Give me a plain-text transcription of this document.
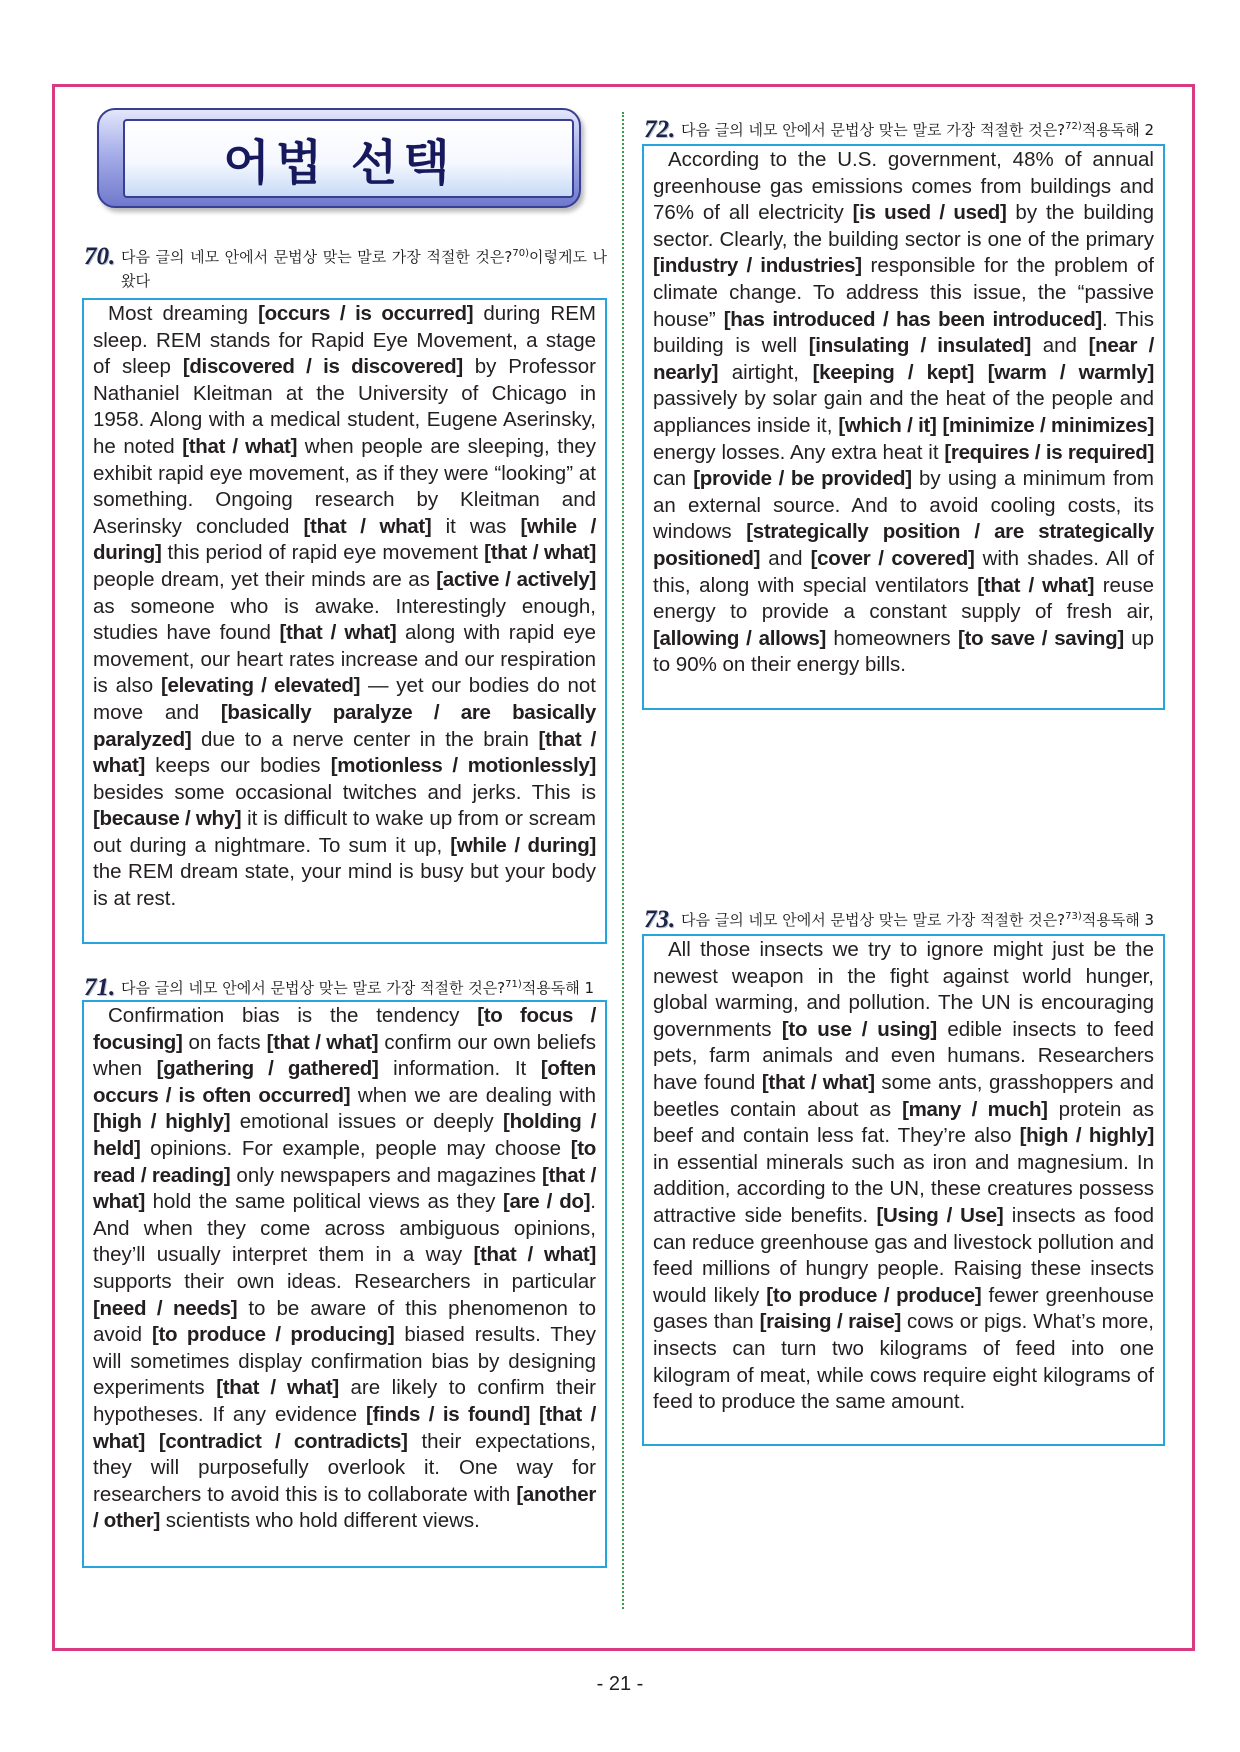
어법 선택
70. 다음 글의 네모 안에서 문법상 맞는 말로 가장 적절한 것은?$^{70)}$이렇게도 나왔다
Most dreaming [occurs / is occurred] during REM sleep. REM stands for Rapid Eye Movement, a stage of sleep [discovered / is discovered] by Professor Nathaniel Kleitman at the University of Chicago in 1958. Along with a medical student, Eugene Aserinsky, he noted [that / what] when people are sleeping, they exhibit rapid eye movement, as if they were “looking” at something. Ongoing research by Kleitman and Aserinsky concluded [that / what] it was [while / during] this period of rapid eye movement [that / what] people dream, yet their minds are as [active / actively] as someone who is awake. Interestingly enough, studies have found [that / what] along with rapid eye movement, our heart rates increase and our respiration is also [elevating / elevated] — yet our bodies do not move and [basically paralyze / are basically paralyzed] due to a nerve center in the brain [that / what] keeps our bodies [motionless / motionlessly] besides some occasional twitches and jerks. This is [because / why] it is difficult to wake up from or scream out during a nightmare. To sum it up, [while / during] the REM dream state, your mind is busy but your body is at rest.
71. 다음 글의 네모 안에서 문법상 맞는 말로 가장 적절한 것은?$^{71)}$적용독해 1
Confirmation bias is the tendency [to focus / focusing] on facts [that / what] confirm our own beliefs when [gathering / gathered] information. It [often occurs / is often occurred] when we are dealing with [high / highly] emotional issues or deeply [holding / held] opinions. For example, people may choose [to read / reading] only newspapers and magazines [that / what] hold the same political views as they [are / do]. And when they come across ambiguous opinions, they’ll usually interpret them in a way [that / what] supports their own ideas. Researchers in particular [need / needs] to be aware of this phenomenon to avoid [to produce / producing] biased results. They will sometimes display confirmation bias by designing experiments [that / what] are likely to confirm their hypotheses. If any evidence [finds / is found] [that / what] [contradict / contradicts] their expectations, they will purposefully overlook it. One way for researchers to avoid this is to collaborate with [another / other] scientists who hold different views.
72. 다음 글의 네모 안에서 문법상 맞는 말로 가장 적절한 것은?$^{72)}$적용독해 2
According to the U.S. government, 48% of annual greenhouse gas emissions comes from buildings and 76% of all electricity [is used / used] by the building sector. Clearly, the building sector is one of the primary [industry / industries] responsible for the problem of climate change. To address this issue, the “passive house” [has introduced / has been introduced]. This building is well [insulating / insulated] and [near / nearly] airtight, [keeping / kept] [warm / warmly] passively by solar gain and the heat of the people and appliances inside it, [which / it] [minimize / minimizes] energy losses. Any extra heat it [requires / is required] can [provide / be provided] by using a minimum from an external source. And to avoid cooling costs, its windows [strategically position / are strategically positioned] and [cover / covered] with shades. All of this, along with special ventilators [that / what] reuse energy to provide a constant supply of fresh air, [allowing / allows] homeowners [to save / saving] up to 90% on their energy bills.
73. 다음 글의 네모 안에서 문법상 맞는 말로 가장 적절한 것은?$^{73)}$적용독해 3
All those insects we try to ignore might just be the newest weapon in the fight against world hunger, global warming, and pollution. The UN is encouraging governments [to use / using] edible insects to feed pets, farm animals and even humans. Researchers have found [that / what] some ants, grasshoppers and beetles contain about as [many / much] protein as beef and contain less fat. They’re also [high / highly] in essential minerals such as iron and magnesium. In addition, according to the UN, these creatures possess attractive side benefits. [Using / Use] insects as food can reduce greenhouse gas and livestock pollution and feed millions of hungry people. Raising these insects would likely [to produce / produce] fewer greenhouse gases than [raising / raise] cows or pigs. What’s more, insects can turn two kilograms of feed into one kilogram of meat, while cows require eight kilograms of feed to produce the same amount.
- 21 -
